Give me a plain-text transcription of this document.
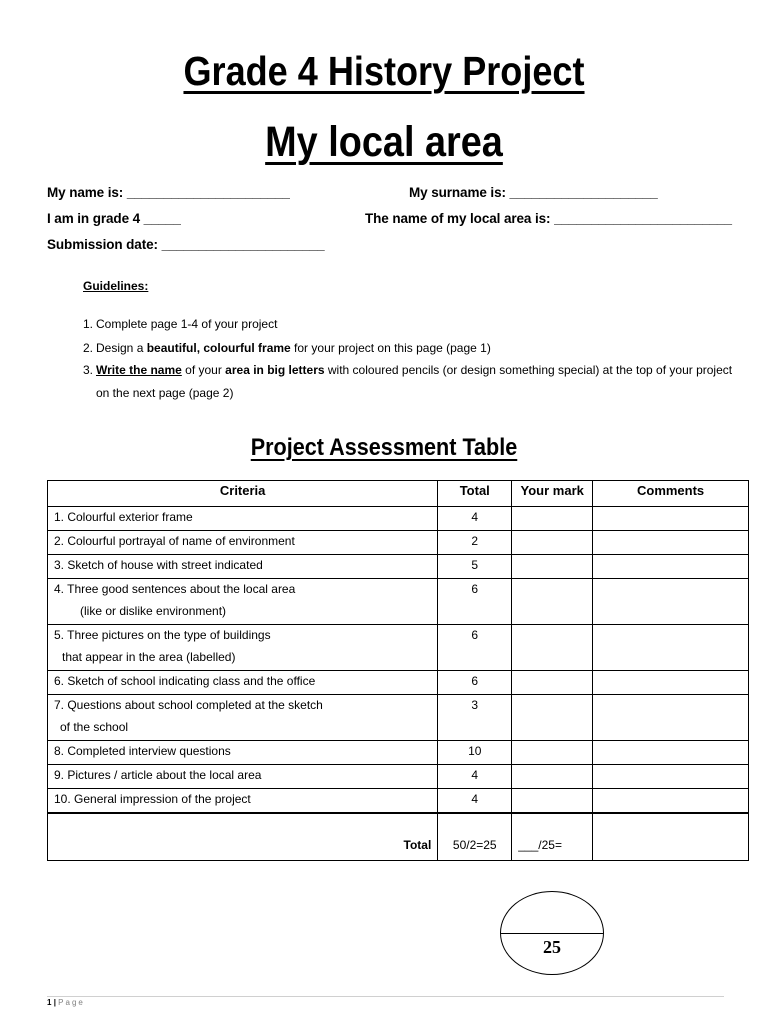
Grade 4 History Project
My local area
My name is: ______________________	My surname is: ____________________
I am in grade 4 _____	The name of my local area is: ________________________
Submission date: ______________________
Guidelines:
1. Complete page 1-4 of your project
2. Design a beautiful, colourful frame for your project on this page (page 1)
3. Write the name of your area in big letters with coloured pencils (or design something special) at the top of your project
on the next page (page 2)
Project Assessment Table
Criteria	Total	Your mark	Comments
1. Colourful exterior frame	4		
2. Colourful portrayal of name of environment	2		
3. Sketch of house with street indicated	5		
4. Three good sentences about the local area
(like or dislike environment)	6		
5. Three pictures on the type of buildings
that appear in the area (labelled)	6		
6. Sketch of school indicating class and the office	6		
7. Questions about school completed at the sketch
of the school	3		
8. Completed interview questions	10		
9. Pictures / article about the local area	4		
10. General impression of the project	4		
Total	50/2=25	___/25=	
25
1 | Page
